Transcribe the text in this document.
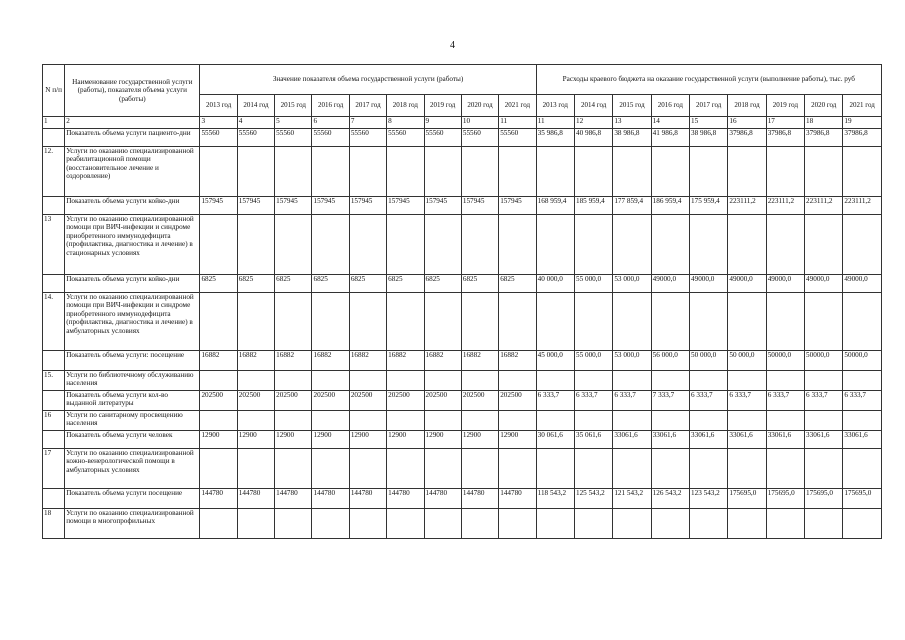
4
N п/п	Наименование государственной услуги (работы), показателя объема услуги (работы)	Значение показателя объема государственной услуги (работы)									Расходы краевого бюджета на оказание государственной услуги (выполнение работы), тыс. руб								
		2013 год	2014 год	2015 год	2016 год	2017 год	2018 год	2019 год	2020 год	2021 год	2013 год	2014 год	2015 год	2016 год	2017 год	2018 год	2019 год	2020 год	2021 год
1	2	3	4	5	6	7	8	9	10	11	11	12	13	14	15	16	17	18	19
	Показатель объема услуги пациенто-дни	55560	55560	55560	55560	55560	55560	55560	55560	55560	35 986,8	40 986,8	38 986,8	41 986,8	38 986,8	37986,8	37986,8	37986,8	37986,8
12.	Услуги по оказанию специализированной реабилитационной помощи (восстановительное лечение и оздоровление)																		
	Показатель объема услуги койко-дни	157945	157945	157945	157945	157945	157945	157945	157945	157945	168 959,4	185 959,4	177 859,4	186 959,4	175 959,4	223111,2	223111,2	223111,2	223111,2
13	Услуги по оказанию специализированной помощи при ВИЧ-инфекции и синдроме приобретенного иммунодефицита (профилактика, диагностика и лечение) в стационарных условиях																		
	Показатель объема услуги койко-дни	6825	6825	6825	6825	6825	6825	6825	6825	6825	40 000,0	55 000,0	53 000,0	49000,0	49000,0	49000,0	49000,0	49000,0	49000,0
14.	Услуги по оказанию специализированной помощи при ВИЧ-инфекции и синдроме приобретенного иммунодефицита (профилактика, диагностика и лечение) в амбулаторных условиях																		
	Показатель объема услуги: посещение	16882	16882	16882	16882	16882	16882	16882	16882	16882	45 000,0	55 000,0	53 000,0	56 000,0	50 000,0	50 000,0	50000,0	50000,0	50000,0
15.	Услуги по библиотечному обслуживанию населения																		
	Показатель объема услуги кол-во выданной литературы	202500	202500	202500	202500	202500	202500	202500	202500	202500	6 333,7	6 333,7	6 333,7	7 333,7	6 333,7	6 333,7	6 333,7	6 333,7	6 333,7
16	Услуги по санитарному просвещению населения																		
	Показатель объема услуги человек	12900	12900	12900	12900	12900	12900	12900	12900	12900	30 061,6	35 061,6	33061,6	33061,6	33061,6	33061,6	33061,6	33061,6	33061,6
17	Услуги по оказанию специализированной кожно-венерологической помощи в амбулаторных условиях																		
	Показатель объема услуги посещение	144780	144780	144780	144780	144780	144780	144780	144780	144780	118 543,2	125 543,2	121 543,2	126 543,2	123 543,2	175695,0	175695,0	175695,0	175695,0
18	Услуги по оказанию специализированной помощи в многопрофильных																		
